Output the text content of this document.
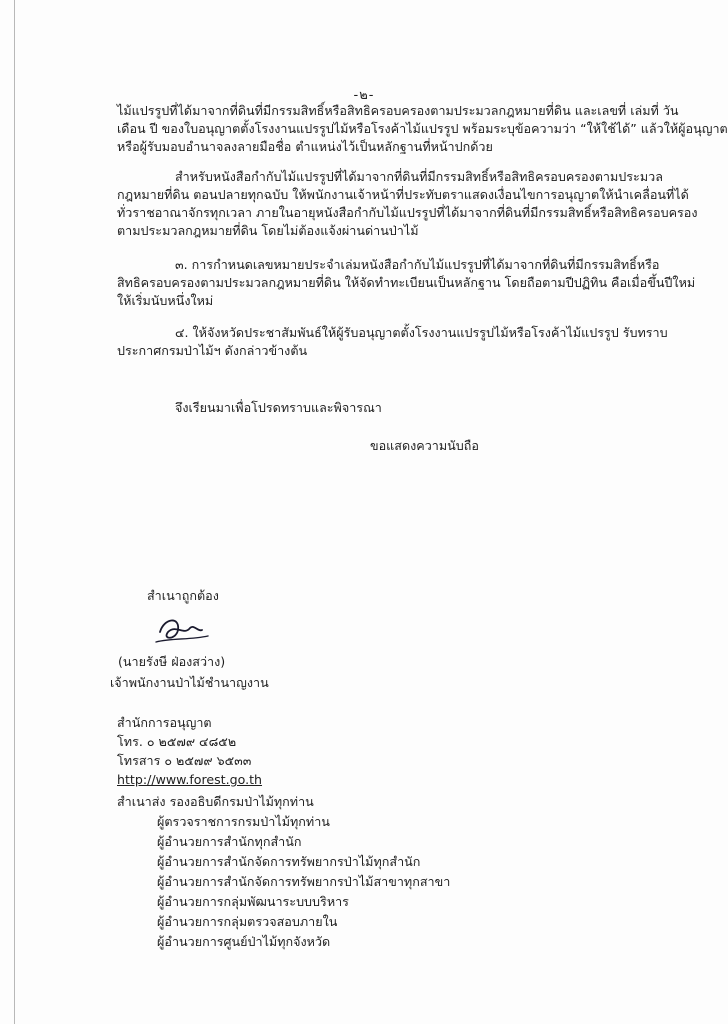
-๒-
ไม้แปรรูปที่ได้มาจากที่ดินที่มีกรรมสิทธิ์หรือสิทธิครอบครองตามประมวลกฎหมายที่ดิน และเลขที่ เล่มที่ วัน
เดือน ปี ของใบอนุญาตตั้งโรงงานแปรรูปไม้หรือโรงค้าไม้แปรรูป พร้อมระบุข้อความว่า “ให้ใช้ได้” แล้วให้ผู้อนุญาต
หรือผู้รับมอบอำนาจลงลายมือชื่อ ตำแหน่งไว้เป็นหลักฐานที่หน้าปกด้วย
สำหรับหนังสือกำกับไม้แปรรูปที่ได้มาจากที่ดินที่มีกรรมสิทธิ์หรือสิทธิครอบครองตามประมวล
กฎหมายที่ดิน ตอนปลายทุกฉบับ ให้พนักงานเจ้าหน้าที่ประทับตราแสดงเงื่อนไขการอนุญาตให้นำเคลื่อนที่ได้
ทั่วราชอาณาจักรทุกเวลา ภายในอายุหนังสือกำกับไม้แปรรูปที่ได้มาจากที่ดินที่มีกรรมสิทธิ์หรือสิทธิครอบครอง
ตามประมวลกฎหมายที่ดิน โดยไม่ต้องแจ้งผ่านด่านป่าไม้
๓. การกำหนดเลขหมายประจำเล่มหนังสือกำกับไม้แปรรูปที่ได้มาจากที่ดินที่มีกรรมสิทธิ์หรือ
สิทธิครอบครองตามประมวลกฎหมายที่ดิน ให้จัดทำทะเบียนเป็นหลักฐาน โดยถือตามปีปฏิทิน คือเมื่อขึ้นปีใหม่
ให้เริ่มนับหนึ่งใหม่
๔. ให้จังหวัดประชาสัมพันธ์ให้ผู้รับอนุญาตตั้งโรงงานแปรรูปไม้หรือโรงค้าไม้แปรรูป รับทราบ
ประกาศกรมป่าไม้ฯ ดังกล่าวข้างต้น
จึงเรียนมาเพื่อโปรดทราบและพิจารณา
ขอแสดงความนับถือ
สำเนาถูกต้อง
(นายรังษี ฝ่องสว่าง)
เจ้าพนักงานป่าไม้ชำนาญงาน
สำนักการอนุญาต
โทร. ๐ ๒๕๗๙ ๔๘๕๒
โทรสาร ๐ ๒๕๗๙ ๖๕๓๓
http://www.forest.go.th
สำเนาส่ง รองอธิบดีกรมป่าไม้ทุกท่าน
ผู้ตรวจราชการกรมป่าไม้ทุกท่าน
ผู้อำนวยการสำนักทุกสำนัก
ผู้อำนวยการสำนักจัดการทรัพยากรป่าไม้ทุกสำนัก
ผู้อำนวยการสำนักจัดการทรัพยากรป่าไม้สาขาทุกสาขา
ผู้อำนวยการกลุ่มพัฒนาระบบบริหาร
ผู้อำนวยการกลุ่มตรวจสอบภายใน
ผู้อำนวยการศูนย์ป่าไม้ทุกจังหวัด
